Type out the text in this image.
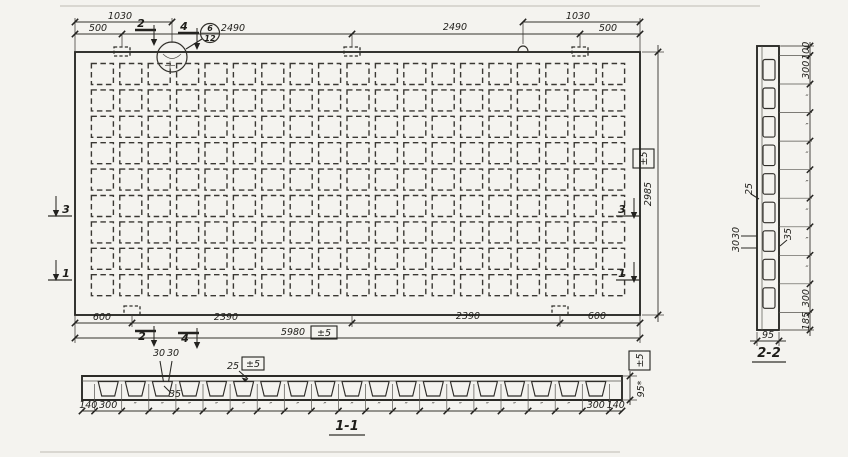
6
12
1030	1030
500	500
2490	2490
600	2390	2390	600
5980 ±5
2985
±5
2	4
2	4
3
1
3
1
140 300 ″	″	″	″	″	″	″	″	″	″	″	″	″	″	″	″	″ 300 140
30 30
25 ±5
35	95*
±5
1-1
100
300
″
″
″
″
″
″
″
300
185
95
25
30
30
35
2-2
